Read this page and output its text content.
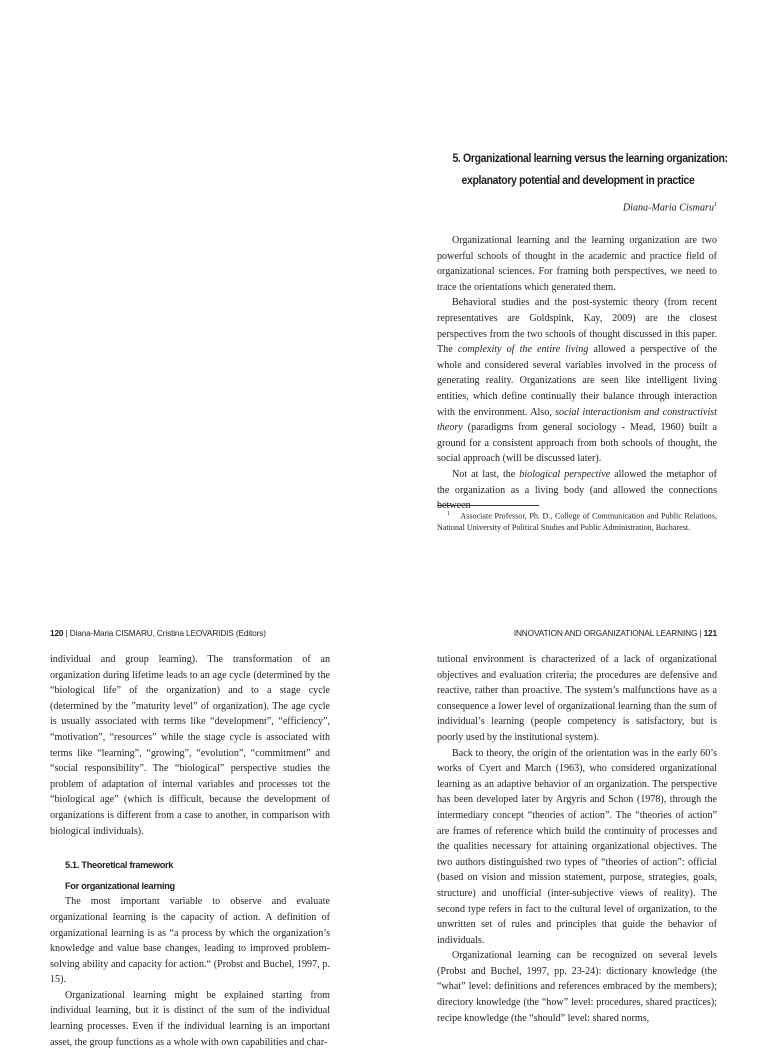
5. Organizational learning versus the learning organization:
explanatory potential and development in practice
Diana-Maria Cismaru$^1$

Organizational learning and the learning organization are two powerful schools of thought in the academic and practice field of organizational sciences. For framing both perspectives, we need to trace the orientations which generated them.

Behavioral studies and the post-systemic theory (from recent representatives are Goldspink, Kay, 2009) are the closest perspectives from the two schools of thought discussed in this paper. The complexity of the entire living allowed a perspective of the whole and considered several variables involved in the process of generating reality. Organizations are seen like intelligent living entities, which define continually their balance through interaction with the environment. Also, social interactionism and constructivist theory (paradigms from general sociology - Mead, 1960) built a ground for a consistent approach from both schools of thought, the social approach (will be discussed later).

Not at last, the biological perspective allowed the metaphor of the organization as a living body (and allowed the connections between

$^1$ Associate Professor, Ph. D., College of Communication and Public Relations, National University of Political Studies and Public Administration, Bucharest.
120 | Diana-Maria CISMARU, Cristina LEOVARIDIS (Editors)	INNOVATION AND ORGANIZATIONAL LEARNING | 121

individual and group learning). The transformation of an organization during lifetime leads to an age cycle (determined by the “biological life” of the organization) and to a stage cycle (determined by the ”maturity level” of organization). The age cycle is usually associated with terms like “development”, “efficiency”, “motivation”, “resources” while the stage cycle is associated with terms like “learning”, “growing”, “evolution”, “commitment” and “social responsibility”. The “biological” perspective studies the problem of adaptation of internal variables and processes tot the “biological age” (which is difficult, because the development of organizations is different from a case to another, in comparison with biological individuals).

5.1. Theoretical framework

For organizational learning

The most important variable to observe and evaluate organizational learning is the capacity of action. A definition of organizational learning is as “a process by which the organization’s knowledge and value base changes, leading to improved problem-solving ability and capacity for action.“ (Probst and Buchel, 1997, p. 15).

Organizational learning might be explained starting from individual learning, but it is distinct of the sum of the individual learning processes. Even if the individual learning is an important asset, the group functions as a whole with own capabilities and char-

tutional environment is characterized of a lack of organizational objectives and evaluation criteria; the procedures are defensive and reactive, rather than proactive. The system’s malfunctions have as a consequence a lower level of organizational learning than the sum of individual’s learning (people competency is satisfactory, but is poorly used by the institutional system).

Back to theory, the origin of the orientation was in the early 60’s works of Cyert and March (1963), who considered organizational learning as an adaptive behavior of an organization. The perspective has been developed later by Argyris and Schon (1978), through the intermediary concept “theories of action”. The “theories of action” are frames of reference which build the continuity of processes and the qualities necessary for attaining organizational objectives. The two authors distinguished two types of “theories of action”: official (based on vision and mission statement, purpose, strategies, goals, structure) and unofficial (inter-subjective views of reality). The second type refers in fact to the cultural level of organization, to the unwritten set of rules and principles that guide the behavior of individuals.

Organizational learning can be recognized on several levels (Probst and Buchel, 1997, pp. 23-24): dictionary knowledge (the “what” level: definitions and references embraced by the members); directory knowledge (the “how” level: procedures, shared practices); recipe knowledge (the “should” level: shared norms,
